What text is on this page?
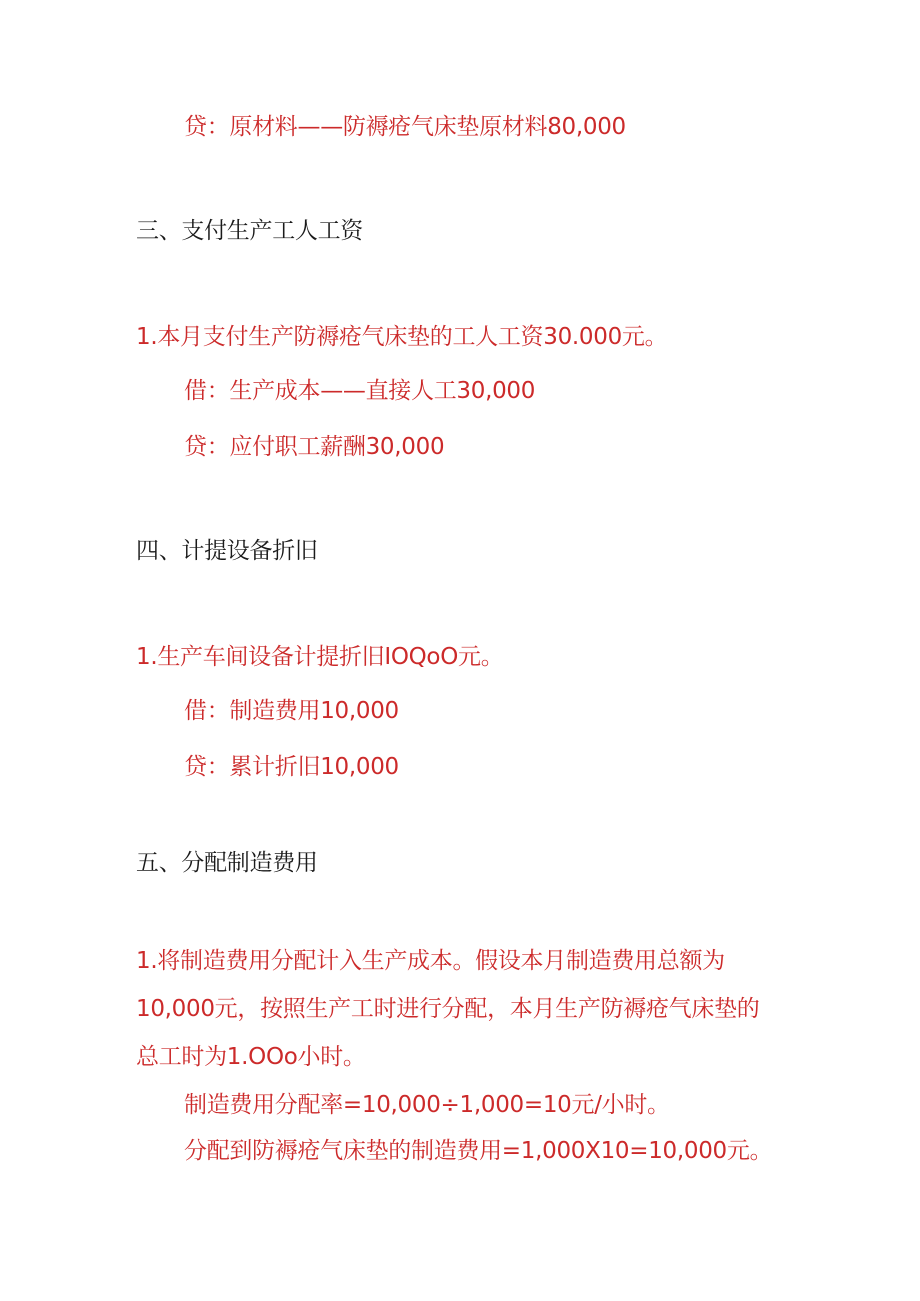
贷：原材料——防褥疮气床垫原材料80,000
三、支付生产工人工资
1.本月支付生产防褥疮气床垫的工人工资30.000元。
借：生产成本——直接人工30,000
贷：应付职工薪酬30,000
四、计提设备折旧
1.生产车间设备计提折旧IOQoO元。
借：制造费用10,000
贷：累计折旧10,000
五、分配制造费用
1.将制造费用分配计入生产成本。假设本月制造费用总额为
10,000元，按照生产工时进行分配，本月生产防褥疮气床垫的
总工时为1.OOo小时。
制造费用分配率=10,000÷1,000=10元/小时。
分配到防褥疮气床垫的制造费用=1,000X10=10,000元。
